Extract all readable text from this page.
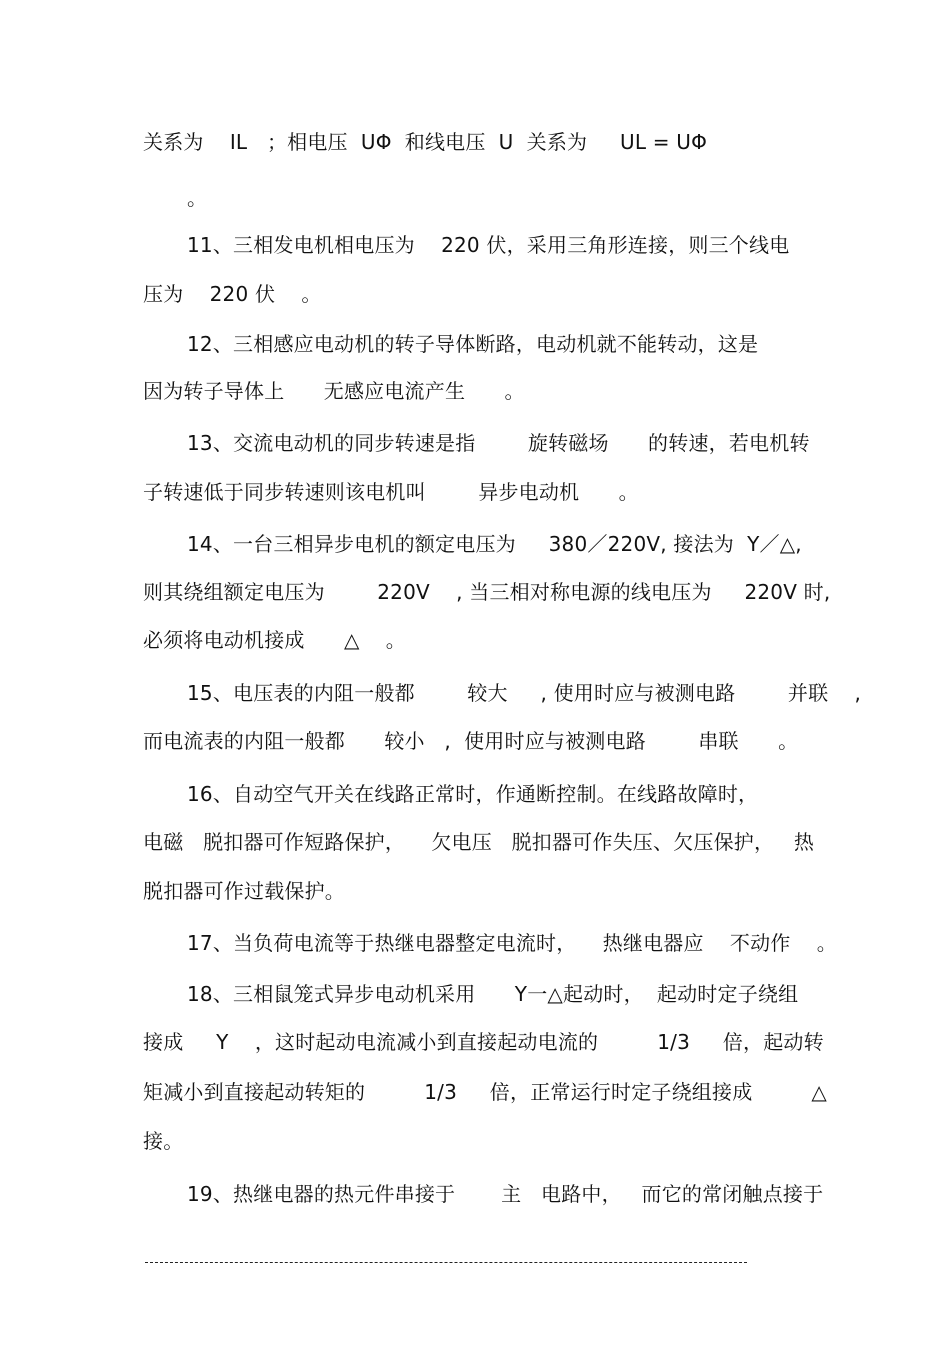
关系为    IL   ；相电压  UΦ  和线电压  U  关系为     UL = UΦ
。
11、三相发电机相电压为    220 伏，采用三角形连接，则三个线电
压为    220 伏    。
12、三相感应电动机的转子导体断路，电动机就不能转动，这是
因为转子导体上      无感应电流产生      。
13、交流电动机的同步转速是指        旋转磁场      的转速，若电机转
子转速低于同步转速则该电机叫        异步电动机      。
14、一台三相异步电机的额定电压为     380／220V, 接法为  Y／△,
则其绕组额定电压为        220V    , 当三相对称电源的线电压为     220V 时,
必须将电动机接成      △    。
15、电压表的内阻一般都        较大     , 使用时应与被测电路        并联    ,
而电流表的内阻一般都      较小   ,  使用时应与被测电路        串联      。
16、自动空气开关在线路正常时，作通断控制。在线路故障时，
电磁   脱扣器可作短路保护，    欠电压   脱扣器可作失压、欠压保护，   热
脱扣器可作过载保护。
17、当负荷电流等于热继电器整定电流时，    热继电器应    不动作    。
18、三相鼠笼式异步电动机采用      Y一△起动时，  起动时定子绕组
接成     Y    ，这时起动电流减小到直接起动电流的         1/3     倍，起动转
矩减小到直接起动转矩的         1/3     倍，正常运行时定子绕组接成         △
接。
19、热继电器的热元件串接于       主   电路中，   而它的常闭触点接于
